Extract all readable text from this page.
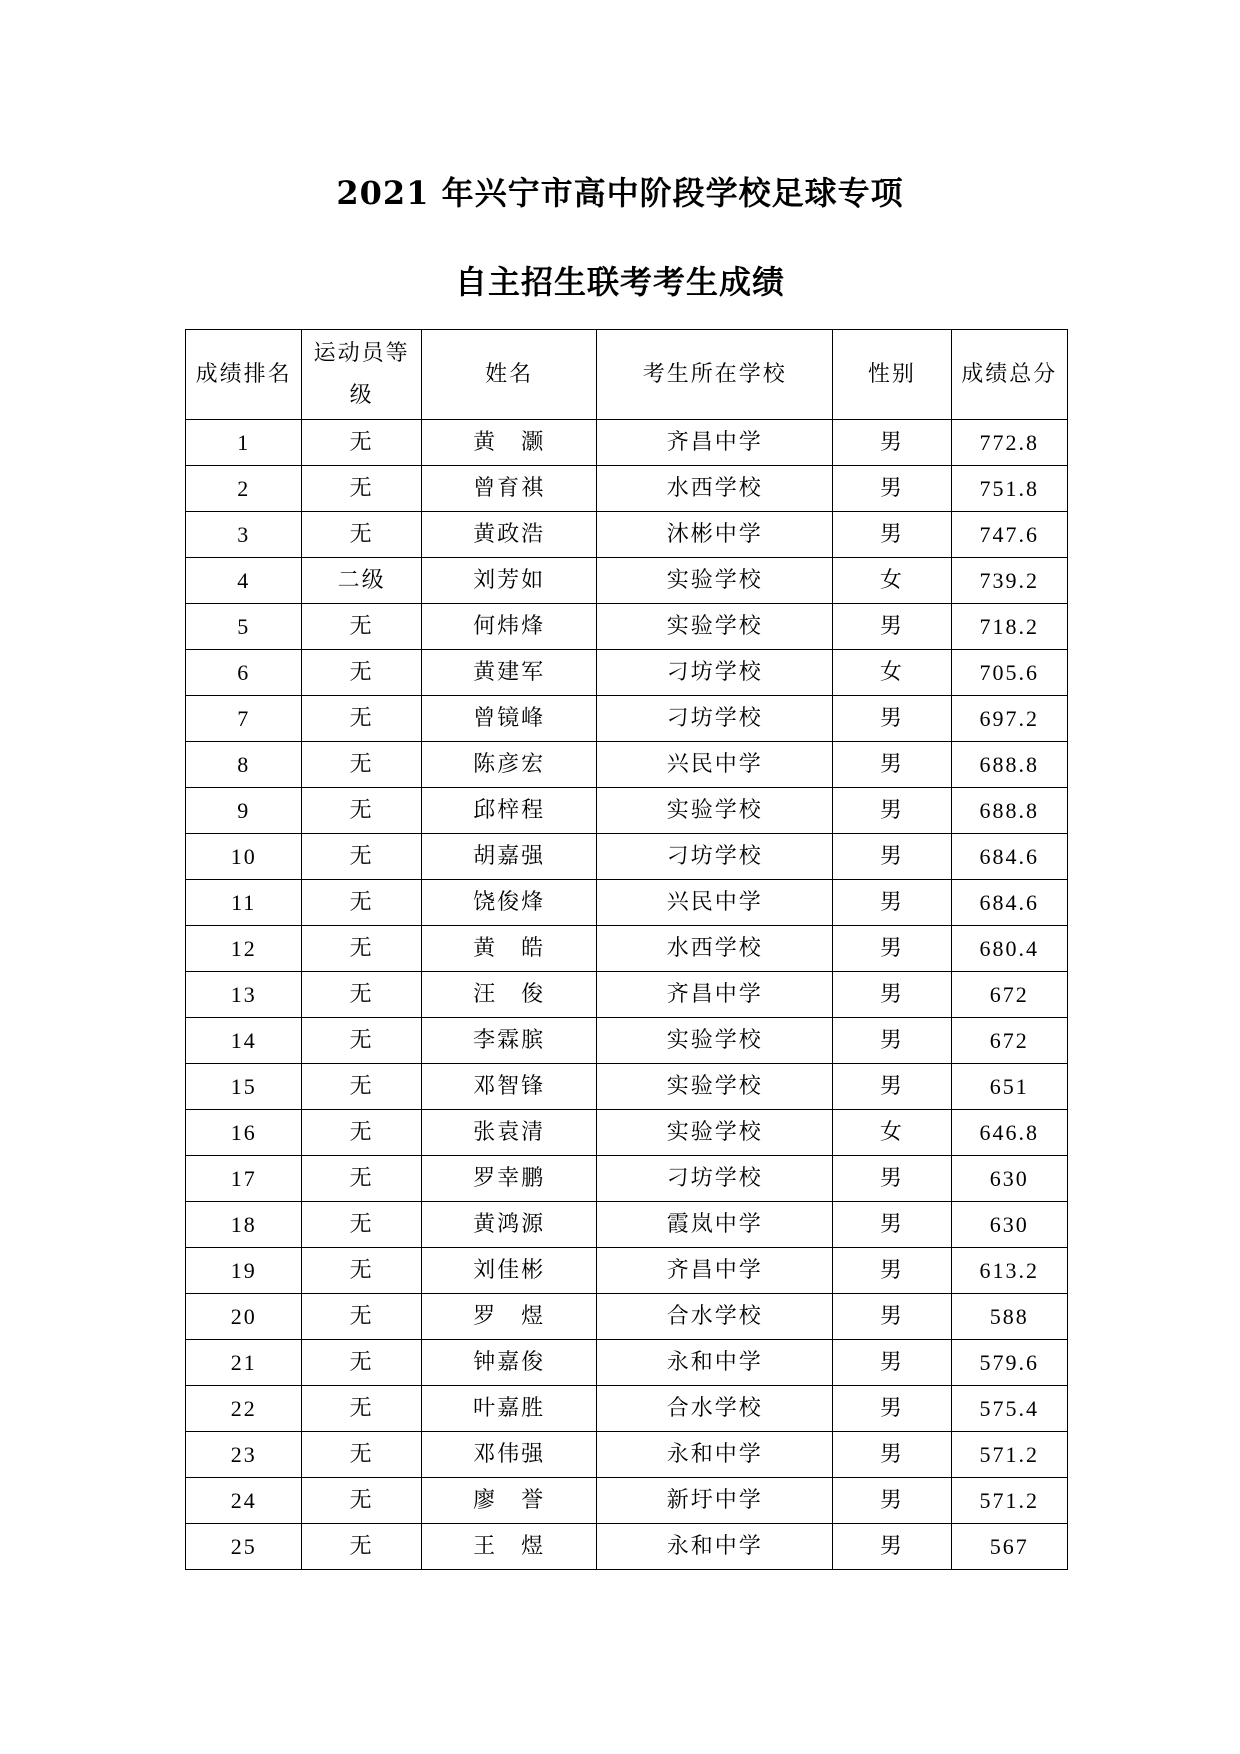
2021 年兴宁市高中阶段学校足球专项
自主招生联考考生成绩
成绩排名	运动员等级	姓名	考生所在学校	性别	成绩总分
1	无	黄　灏	齐昌中学	男	772.8
2	无	曾育祺	水西学校	男	751.8
3	无	黄政浩	沐彬中学	男	747.6
4	二级	刘芳如	实验学校	女	739.2
5	无	何炜烽	实验学校	男	718.2
6	无	黄建军	刁坊学校	女	705.6
7	无	曾镜峰	刁坊学校	男	697.2
8	无	陈彦宏	兴民中学	男	688.8
9	无	邱梓程	实验学校	男	688.8
10	无	胡嘉强	刁坊学校	男	684.6
11	无	饶俊烽	兴民中学	男	684.6
12	无	黄　皓	水西学校	男	680.4
13	无	汪　俊	齐昌中学	男	672
14	无	李霖膑	实验学校	男	672
15	无	邓智锋	实验学校	男	651
16	无	张袁清	实验学校	女	646.8
17	无	罗幸鹏	刁坊学校	男	630
18	无	黄鸿源	霞岚中学	男	630
19	无	刘佳彬	齐昌中学	男	613.2
20	无	罗　煜	合水学校	男	588
21	无	钟嘉俊	永和中学	男	579.6
22	无	叶嘉胜	合水学校	男	575.4
23	无	邓伟强	永和中学	男	571.2
24	无	廖　誉	新圩中学	男	571.2
25	无	王　煜	永和中学	男	567
